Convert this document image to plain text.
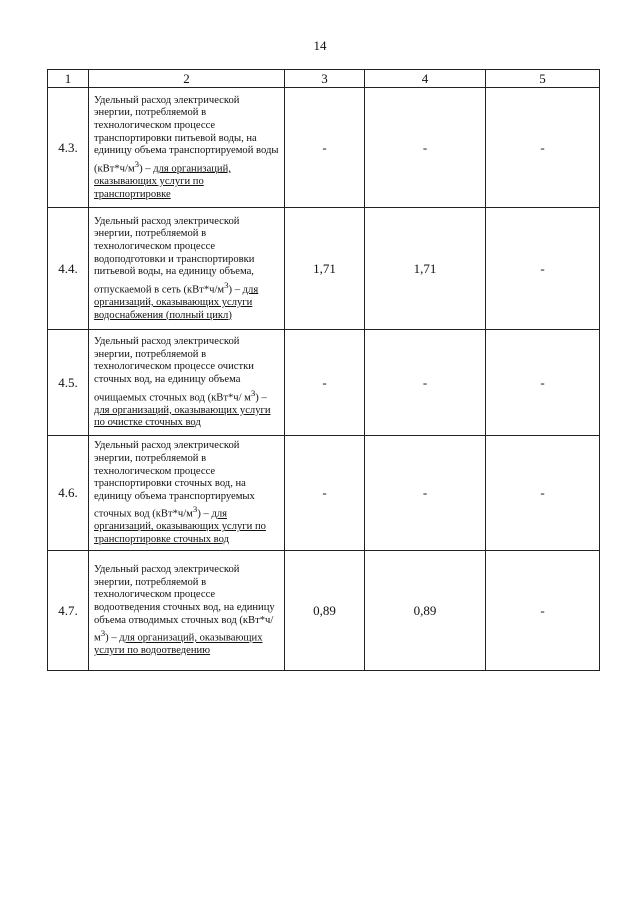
14
1	2	3	4	5
4.3.	Удельный расход электрической энергии, потребляемой в технологическом процессе транспортировки питьевой воды, на единицу объема транспортируемой воды $(кВт*ч/м^3)$ – для организаций, оказывающих услуги по транспортировке	-	-	-
4.4.	Удельный расход электрической энергии, потребляемой в технологическом процессе водоподготовки и транспортировки питьевой воды, на единицу объема, отпускаемой в сеть $(кВт*ч/м^3)$ – для организаций, оказывающих услуги водоснабжения (полный цикл)	1,71	1,71	-
4.5.	Удельный расход электрической энергии, потребляемой в технологическом процессе очистки сточных вод, на единицу объема очищаемых сточных вод (кВт*ч/ $м^3$) – для организаций, оказывающих услуги по очистке сточных вод	-	-	-
4.6.	Удельный расход электрической энергии, потребляемой в технологическом процессе транспортировки сточных вод, на единицу объема транспортируемых сточных вод $(кВт*ч/м^3)$ – для организаций, оказывающих услуги по транспортировке сточных вод	-	-	-
4.7.	Удельный расход электрической энергии, потребляемой в технологическом процессе водоотведения сточных вод, на единицу объема отводимых сточных вод (кВт*ч/ $м^3$) – для организаций, оказывающих услуги по водоотведению	0,89	0,89	-
